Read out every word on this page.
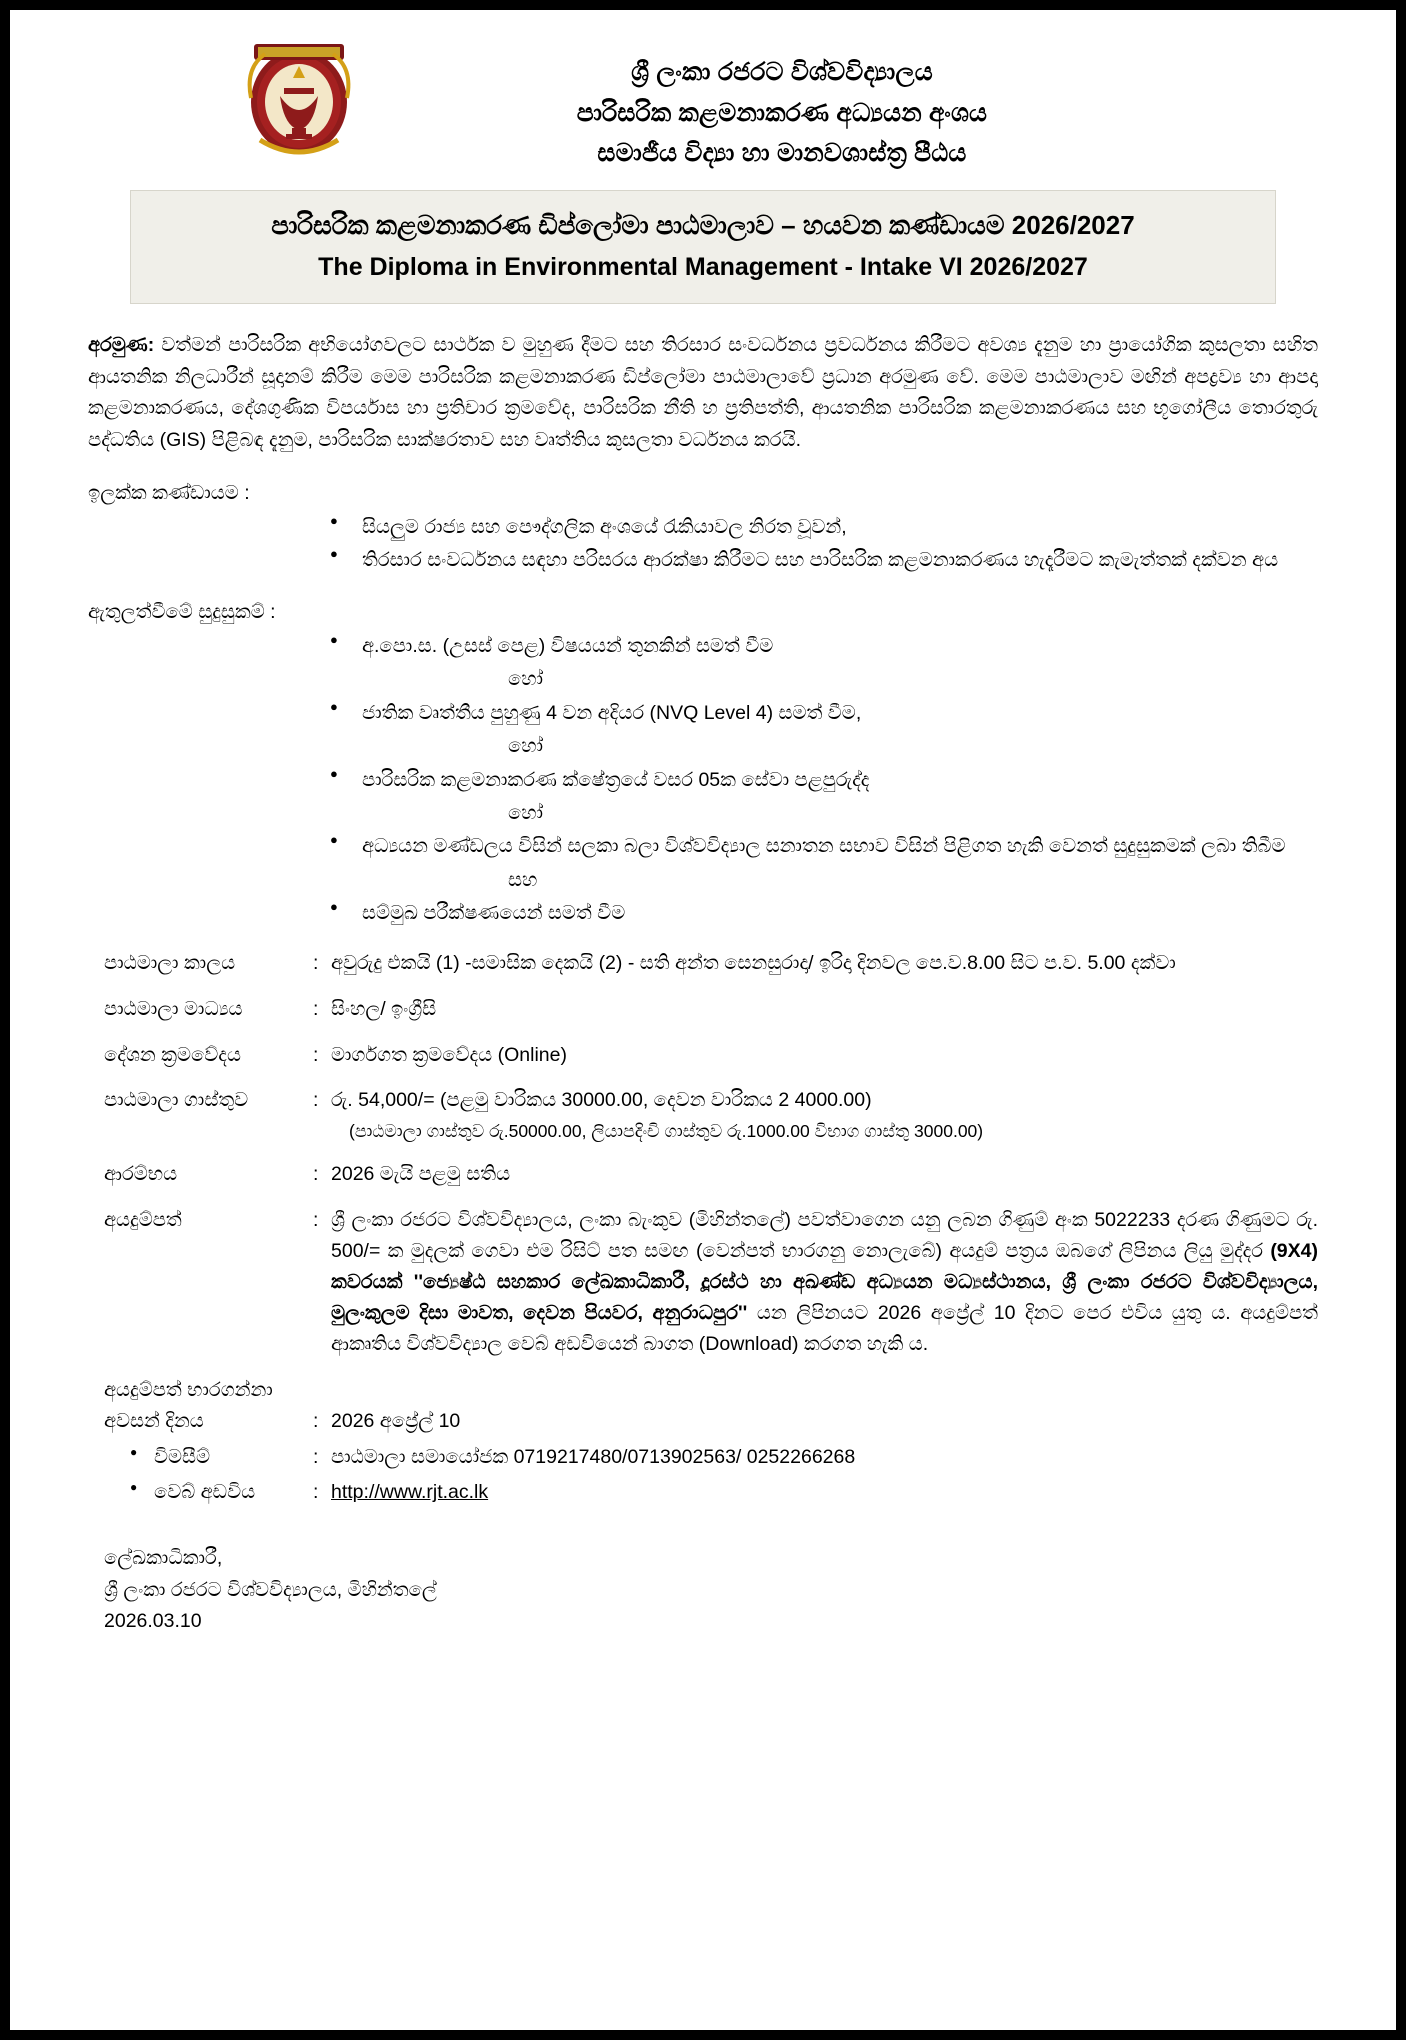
ශ්‍රී ලංකා රජරට විශ්වවිද්‍යාලය
පාරිසරික කළමනාකරණ අධ්‍යයන අංශය
සමාජීය විද්‍යා හා මානවශාස්ත්‍ර පීඨය
පාරිසරික කළමනාකරණ ඩිප්ලෝමා පාඨමාලාව – හයවන කණ්ඩායම 2026/2027
The Diploma in Environmental Management - Intake VI 2026/2027
අරමුණ: වත්මන් පාරිසරික අභියෝගවලට සාර්ථක ව මුහුණ දීමට සහ තිරසාර සංවර්ධනය ප්‍රවර්ධනය කිරීමට අවශ්‍ය දැනුම හා ප්‍රායෝගික කුසලතා සහිත ආයතනික නිලධාරීන් සූදානම් කිරීම මෙම පාරිසරික කළමනාකරණ ඩිප්ලෝමා පාඨමාලාවේ ප්‍රධාන අරමුණ වේ. මෙම පාඨමාලාව මඟින් අපද්‍රව්‍ය හා ආපදා කළමනාකරණය, දේශගුණික විපර්යාස හා ප්‍රතිචාර ක්‍රමවේද, පාරිසරික නීති හ ප්‍රතිපත්ති, ආයතනික පාරිසරික කළමනාකරණය සහ භූගෝලීය තොරතුරු පද්ධතිය (GIS) පිළිබඳ දැනුම, පාරිසරික සාක්ෂරතාව සහ වෘත්තිය කුසලතා වර්ධනය කරයි.
ඉලක්ක කණ්ඩායම :
● සියලුම රාජ්‍ය සහ පෞද්ගලික අංශයේ රැකියාවල නිරත වූවන්,
● තිරසාර සංවර්ධනය සඳහා පරිසරය ආරක්ෂා කිරීමට සහ පාරිසරික කළමනාකරණය හැදෑරීමට කැමැත්තක් දක්වන අය
ඇතුලත්වීමේ සුදුසුකම් :
● අ.පො.ස. (උසස් පෙළ) විෂයයන් තුනකින් සමත් වීම
හෝ
● ජාතික වෘත්තීය පුහුණු 4 වන අදියර (NVQ Level 4) සමත් වීම,
හෝ
● පාරිසරික කළමනාකරණ ක්ෂේත්‍රයේ වසර 05ක සේවා පළපුරුද්ද
හෝ
● අධ්‍යයන මණ්ඩලය විසින් සලකා බලා විශ්වවිද්‍යාල සනාතන සභාව විසින් පිළිගත හැකි වෙනත් සුදුසුකමක් ලබා තිබීම
සහ
● සම්මුඛ පරීක්ෂණයෙන් සමත් වීම
පාඨමාලා කාලය	: අවුරුදු එකයි (1) -සමාසික දෙකයි (2) - සති අන්ත සෙනසුරාදා/ ඉරිදා දිනවල පෙ.ව.8.00 සිට ප.ව. 5.00 දක්වා
පාඨමාලා මාධ්‍යය	: සිංහල/ ඉංග්‍රීසි
දේශන ක්‍රමවේදය	: මාර්ගගත ක්‍රමවේදය (Online)
පාඨමාලා ගාස්තුව	: රු. 54,000/= (පළමු වාරිකය 30000.00, දෙවන වාරිකය 2 4000.00)
(පාඨමාලා ගාස්තුව රු.50000.00, ලියාපදිංචි ගාස්තුව රු.1000.00 විභාග ගාස්තු 3000.00)
ආරම්භය	: 2026 මැයි පළමු සතිය
අයදුම්පත්	: ශ්‍රී ලංකා රජරට විශ්වවිද්‍යාලය, ලංකා බැංකුව (මිහින්තලේ) පවත්වාගෙන යනු ලබන ගිණුම් අංක 5022233 දරණ ගිණුමට රු. 500/= ක මුදලක් ගෙවා එම රිසිට් පත සමඟ (වෙන්පත් භාරගනු නොලැබේ) අයදුම් පත්‍රය ඔබගේ ලිපිනය ලියු මුද්දර (9X4) කවරයක් ''ජ්‍යෙෂ්ඨ සහකාර ලේඛකාධිකාරී, දූරස්ථ හා අඛණ්ඩ අධ්‍යයන මධ්‍යස්ථානය, ශ්‍රී ලංකා රජරට විශ්වවිද්‍යාලය, මුලංකුලම දිසා මාවත, දෙවන පියවර, අනුරාධපුර'' යන ලිපිනයට 2026 අප්‍රේල් 10 දිනට පෙර එවිය යුතු ය. අයදුම්පත් ආකෘතිය විශ්වවිද්‍යාල වෙබ් අඩවියෙන් බාගත (Download) කරගත හැකි ය.
අයදුම්පත් භාරගන්නා
අවසන් දිනය	: 2026 අප්‍රේල් 10
● විමසීම්	: පාඨමාලා සමායෝජක 0719217480/0713902563/ 0252266268
● වෙබ් අඩවිය	: http://www.rjt.ac.lk
ලේඛකාධිකාරී,
ශ්‍රී ලංකා රජරට විශ්වවිද්‍යාලය, මිහින්තලේ
2026.03.10
